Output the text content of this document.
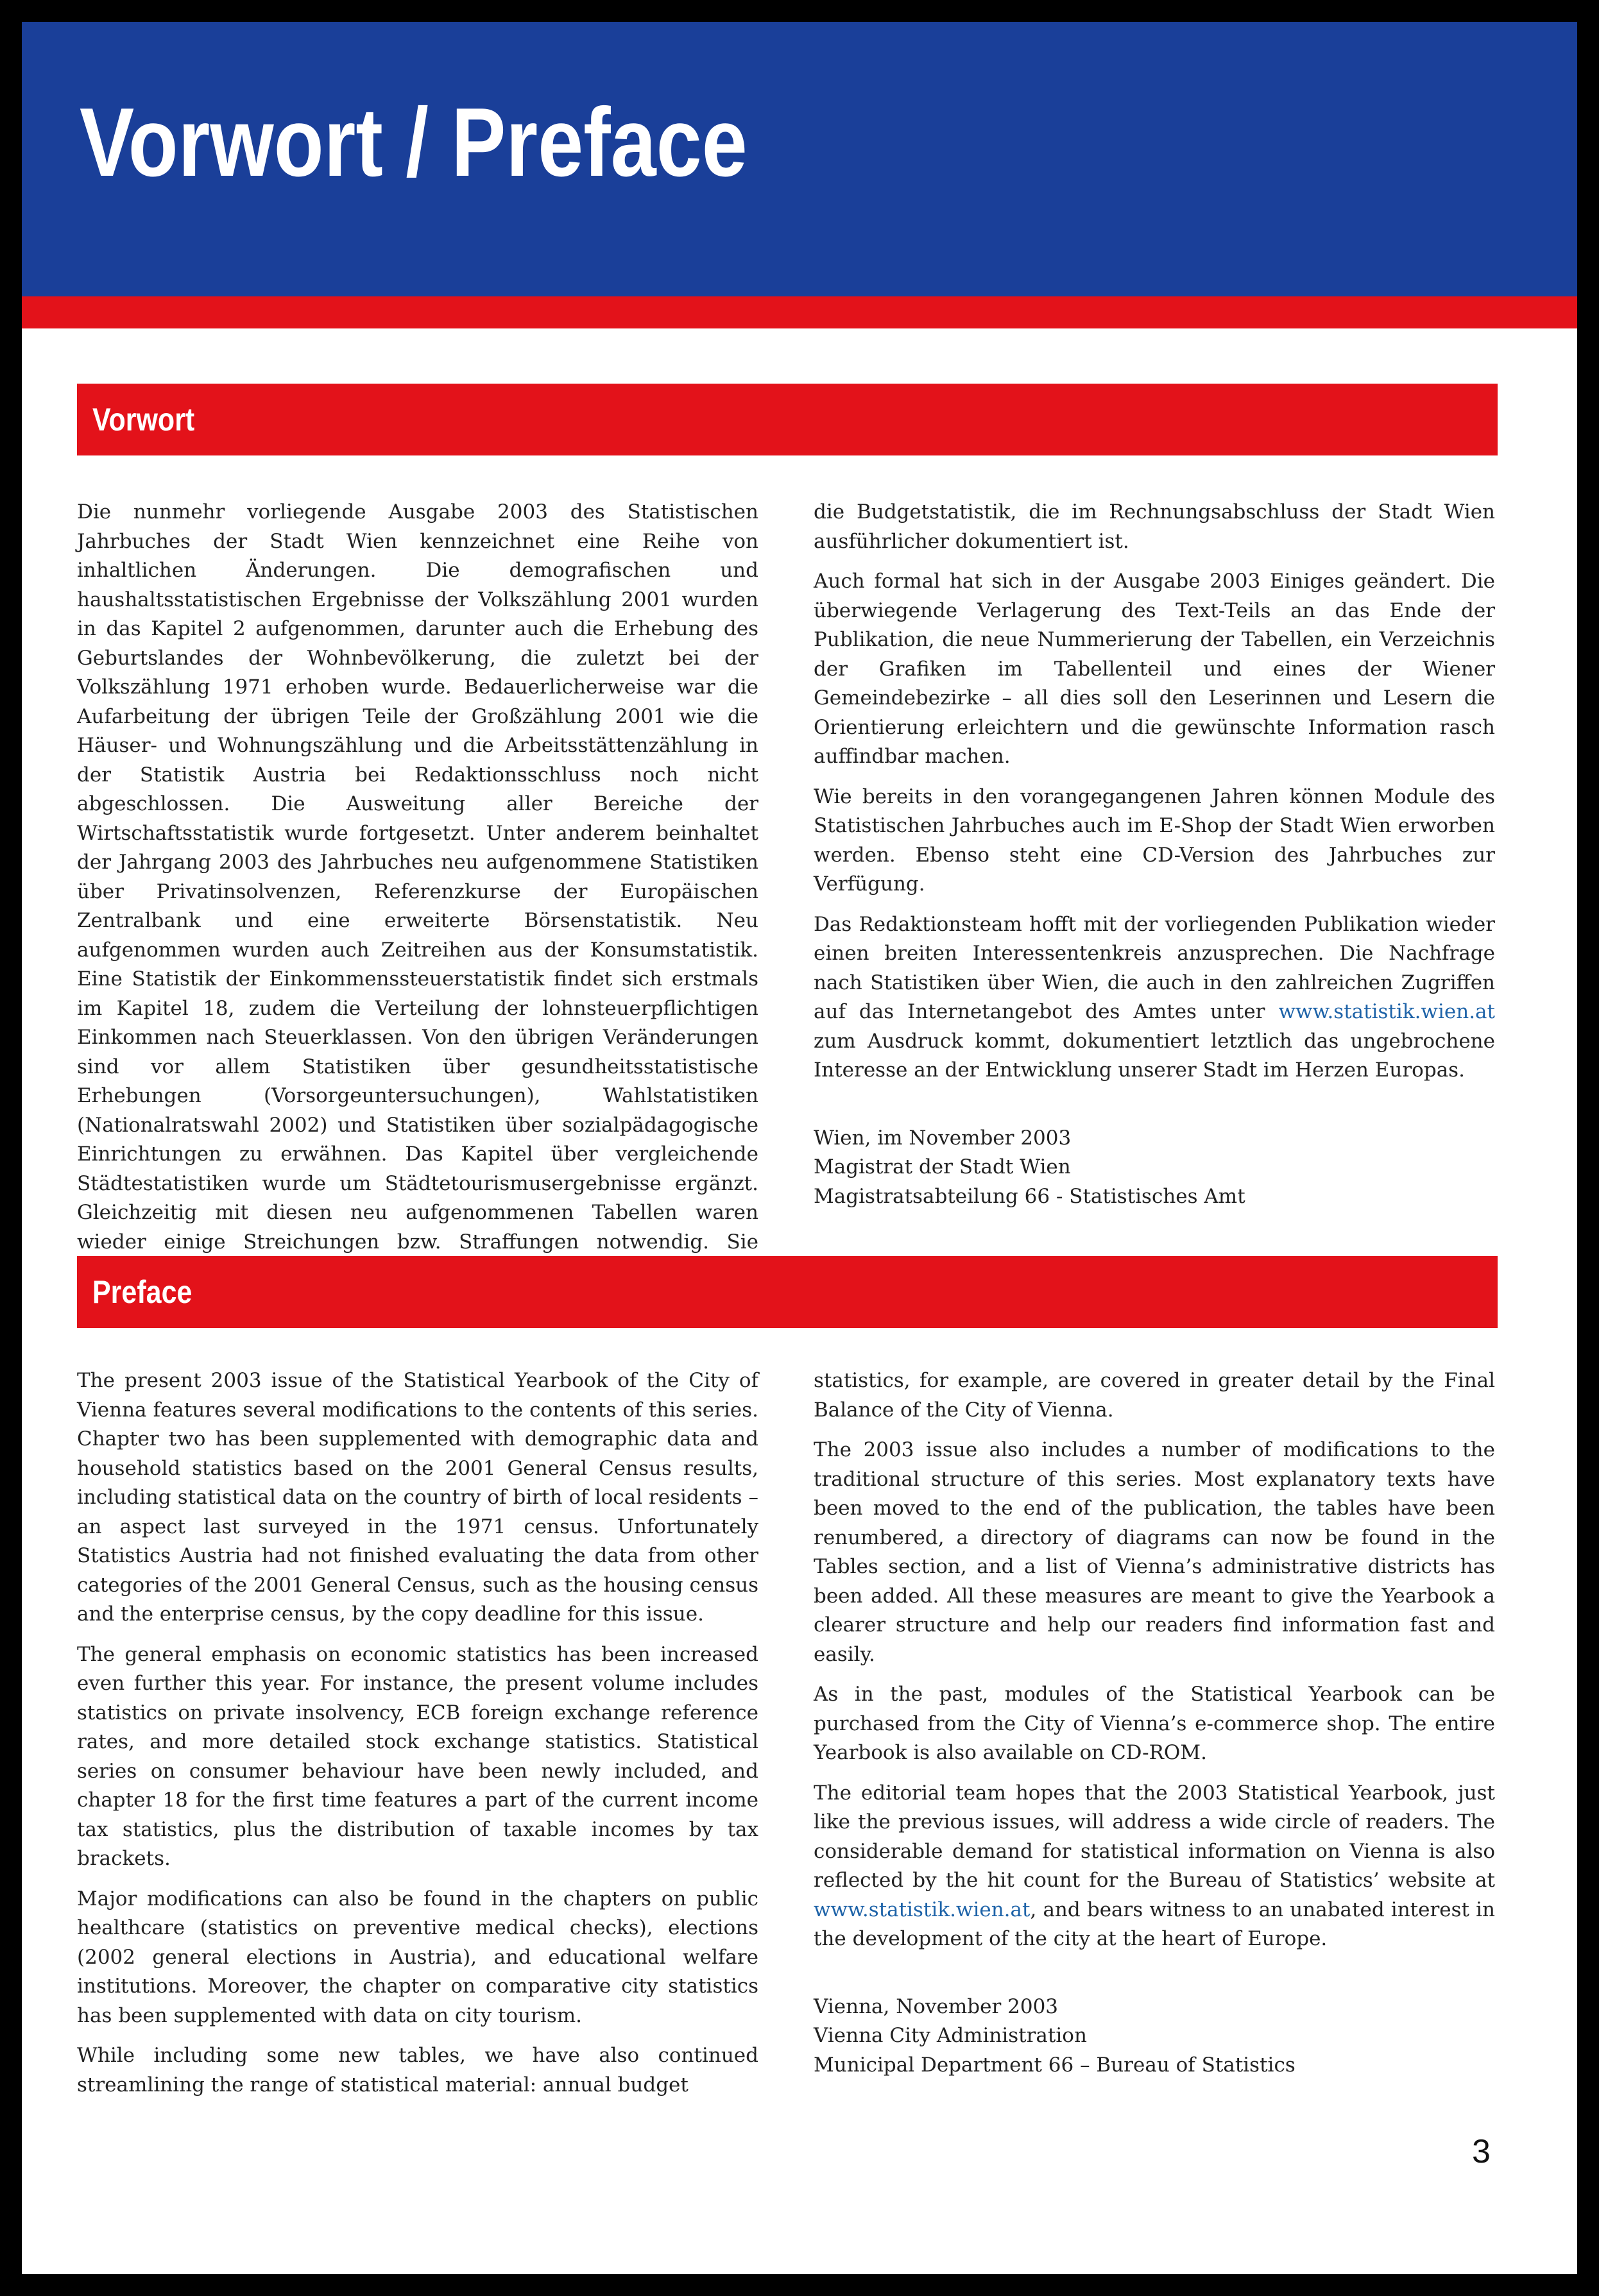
Vorwort / Preface
Vorwort

Die nunmehr vorliegende Ausgabe 2003 des Statistischen Jahrbuches der Stadt Wien kennzeichnet eine Reihe von inhaltlichen Änderungen. Die demografischen und haushaltsstatistischen Ergebnisse der Volkszählung 2001 wurden in das Kapitel 2 aufgenommen, darunter auch die Erhebung des Geburtslandes der Wohnbevölkerung, die zuletzt bei der Volkszählung 1971 erhoben wurde. Bedauerlicherweise war die Aufarbeitung der übrigen Teile der Großzählung 2001 wie die Häuser- und Wohnungszählung und die Arbeitsstättenzählung in der Statistik Austria bei Redaktionsschluss noch nicht abgeschlossen. Die Ausweitung aller Bereiche der Wirtschaftsstatistik wurde fortgesetzt. Unter anderem beinhaltet der Jahrgang 2003 des Jahrbuches neu aufgenommene Statistiken über Privatinsolvenzen, Referenzkurse der Europäischen Zentralbank und eine erweiterte Börsenstatistik. Neu aufgenommen wurden auch Zeitreihen aus der Konsumstatistik. Eine Statistik der Einkommenssteuerstatistik findet sich erstmals im Kapitel 18, zudem die Verteilung der lohnsteuerpflichtigen Einkommen nach Steuerklassen. Von den übrigen Veränderungen sind vor allem Statistiken über gesundheitsstatistische Erhebungen (Vorsorgeuntersuchungen), Wahlstatistiken (Nationalratswahl 2002) und Statistiken über sozialpädagogische Einrichtungen zu erwähnen. Das Kapitel über vergleichende Städtestatistiken wurde um Städtetourismusergebnisse ergänzt. Gleichzeitig mit diesen neu aufgenommenen Tabellen waren wieder einige Streichungen bzw. Straffungen notwendig. Sie

die Budgetstatistik, die im Rechnungsabschluss der Stadt Wien ausführlicher dokumentiert ist.

Auch formal hat sich in der Ausgabe 2003 Einiges geändert. Die überwiegende Verlagerung des Text-Teils an das Ende der Publikation, die neue Nummerierung der Tabellen, ein Verzeichnis der Grafiken im Tabellenteil und eines der Wiener Gemeindebezirke – all dies soll den Leserinnen und Lesern die Orientierung erleichtern und die gewünschte Information rasch auffindbar machen.

Wie bereits in den vorangegangenen Jahren können Module des Statistischen Jahrbuches auch im E-Shop der Stadt Wien erworben werden. Ebenso steht eine CD-Version des Jahrbuches zur Verfügung.

Das Redaktionsteam hofft mit der vorliegenden Publikation wieder einen breiten Interessentenkreis anzusprechen. Die Nachfrage nach Statistiken über Wien, die auch in den zahlreichen Zugriffen auf das Internetangebot des Amtes unter www.statistik.wien.at zum Ausdruck kommt, dokumentiert letztlich das ungebrochene Interesse an der Entwicklung unserer Stadt im Herzen Europas.

Wien, im November 2003
Magistrat der Stadt Wien
Magistratsabteilung 66 - Statistisches Amt

Preface

The present 2003 issue of the Statistical Yearbook of the City of Vienna features several modifications to the contents of this series. Chapter two has been supplemented with demographic data and household statistics based on the 2001 General Census results, including statistical data on the country of birth of local residents – an aspect last surveyed in the 1971 census. Unfortunately Statistics Austria had not finished evaluating the data from other categories of the 2001 General Census, such as the housing census and the enterprise census, by the copy deadline for this issue.

The general emphasis on economic statistics has been increased even further this year. For instance, the present volume includes statistics on private insolvency, ECB foreign exchange reference rates, and more detailed stock exchange statistics. Statistical series on consumer behaviour have been newly included, and chapter 18 for the first time features a part of the current income tax statistics, plus the distribution of taxable incomes by tax brackets.

Major modifications can also be found in the chapters on public healthcare (statistics on preventive medical checks), elections (2002 general elections in Austria), and educational welfare institutions. Moreover, the chapter on comparative city statistics has been supplemented with data on city tourism.

While including some new tables, we have also continued streamlining the range of statistical material: annual budget

statistics, for example, are covered in greater detail by the Final Balance of the City of Vienna.

The 2003 issue also includes a number of modifications to the traditional structure of this series. Most explanatory texts have been moved to the end of the publication, the tables have been renumbered, a directory of diagrams can now be found in the Tables section, and a list of Vienna’s administrative districts has been added. All these measures are meant to give the Yearbook a clearer structure and help our readers find information fast and easily.

As in the past, modules of the Statistical Yearbook can be purchased from the City of Vienna’s e-commerce shop. The entire Yearbook is also available on CD-ROM.

The editorial team hopes that the 2003 Statistical Yearbook, just like the previous issues, will address a wide circle of readers. The considerable demand for statistical information on Vienna is also reflected by the hit count for the Bureau of Statistics’ website at www.statistik.wien.at, and bears witness to an unabated interest in the development of the city at the heart of Europe.

Vienna, November 2003
Vienna City Administration
Municipal Department 66 – Bureau of Statistics

3
